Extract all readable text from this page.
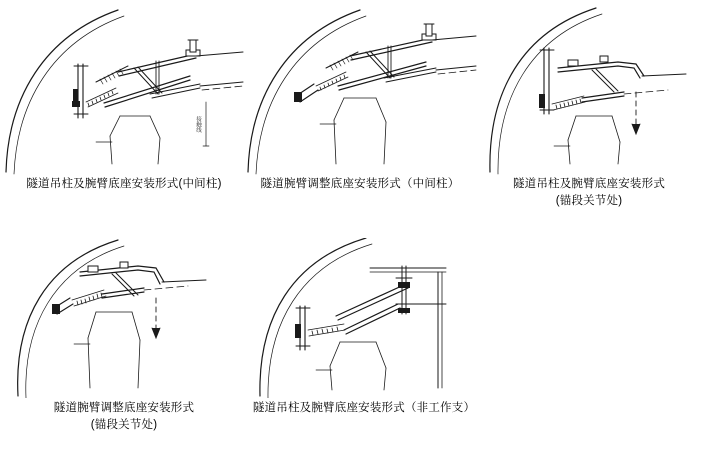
接触线
隧道吊柱及腕臂底座安装形式(中间柱)	隧道腕臂调整底座安装形式（中间柱）	隧道吊柱及腕臂底座安装形式
(锚段关节处)
隧道腕臂调整底座安装形式
(锚段关节处)
隧道吊柱及腕臂底座安装形式（非工作支）
